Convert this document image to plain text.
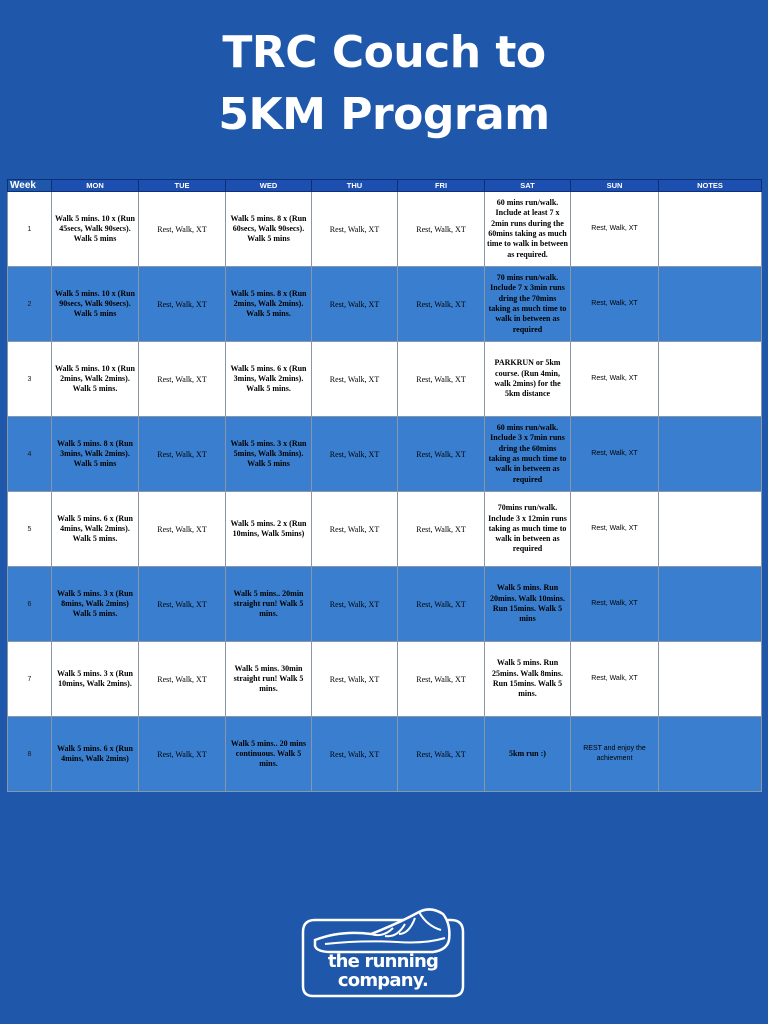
TRC Couch to
5KM Program
Week	MON	TUE	WED	THU	FRI	SAT	SUN	NOTES
1	Walk 5 mins. 10 x (Run 45secs, Walk 90secs). Walk 5 mins	Rest, Walk, XT	Walk 5 mins. 8 x (Run 60secs, Walk 90secs). Walk 5 mins	Rest, Walk, XT	Rest, Walk, XT	60 mins run/walk. Include at least 7 x 2min runs during the 60mins taking as much time to walk in between as required.	Rest, Walk, XT	
2	Walk 5 mins. 10 x (Run 90secs, Walk 90secs). Walk 5 mins	Rest, Walk, XT	Walk 5 mins. 8 x (Run 2mins, Walk 2mins). Walk 5 mins.	Rest, Walk, XT	Rest, Walk, XT	70 mins run/walk. Include 7 x 3min runs dring the 70mins taking as much time to walk in between as required	Rest, Walk, XT	
3	Walk 5 mins. 10 x (Run 2mins, Walk 2mins). Walk 5 mins.	Rest, Walk, XT	Walk 5 mins. 6 x (Run 3mins, Walk 2mins). Walk 5 mins.	Rest, Walk, XT	Rest, Walk, XT	PARKRUN or 5km course. (Run 4min, walk 2mins) for the 5km distance	Rest, Walk, XT	
4	Walk 5 mins. 8 x (Run 3mins, Walk 2mins). Walk 5 mins	Rest, Walk, XT	Walk 5 mins. 3 x (Run 5mins, Walk 3mins). Walk 5 mins	Rest, Walk, XT	Rest, Walk, XT	60 mins run/walk. Include 3 x 7min runs dring the 60mins taking as much time to walk in between as required	Rest, Walk, XT	
5	Walk 5 mins. 6 x (Run 4mins, Walk 2mins). Walk 5 mins.	Rest, Walk, XT	Walk 5 mins. 2 x (Run 10mins, Walk 5mins)	Rest, Walk, XT	Rest, Walk, XT	70mins run/walk. Include 3 x 12min runs taking as much time to walk in between as required	Rest, Walk, XT	
6	Walk 5 mins. 3 x (Run 8mins, Walk 2mins) Walk 5 mins.	Rest, Walk, XT	Walk 5 mins.. 20min straight run! Walk 5 mins.	Rest, Walk, XT	Rest, Walk, XT	Walk 5 mins. Run 20mins. Walk 10mins. Run 15mins. Walk 5 mins	Rest, Walk, XT	
7	Walk 5 mins. 3 x (Run 10mins, Walk 2mins).	Rest, Walk, XT	Walk 5 mins. 30min straight run! Walk 5 mins.	Rest, Walk, XT	Rest, Walk, XT	Walk 5 mins. Run 25mins. Walk 8mins. Run 15mins. Walk 5 mins.	Rest, Walk, XT	
8	Walk 5 mins. 6 x (Run 4mins, Walk 2mins)	Rest, Walk, XT	Walk 5 mins.. 20 mins continuous. Walk 5 mins.	Rest, Walk, XT	Rest, Walk, XT	5km run :)	REST and enjoy the achievment	
the running
company.
